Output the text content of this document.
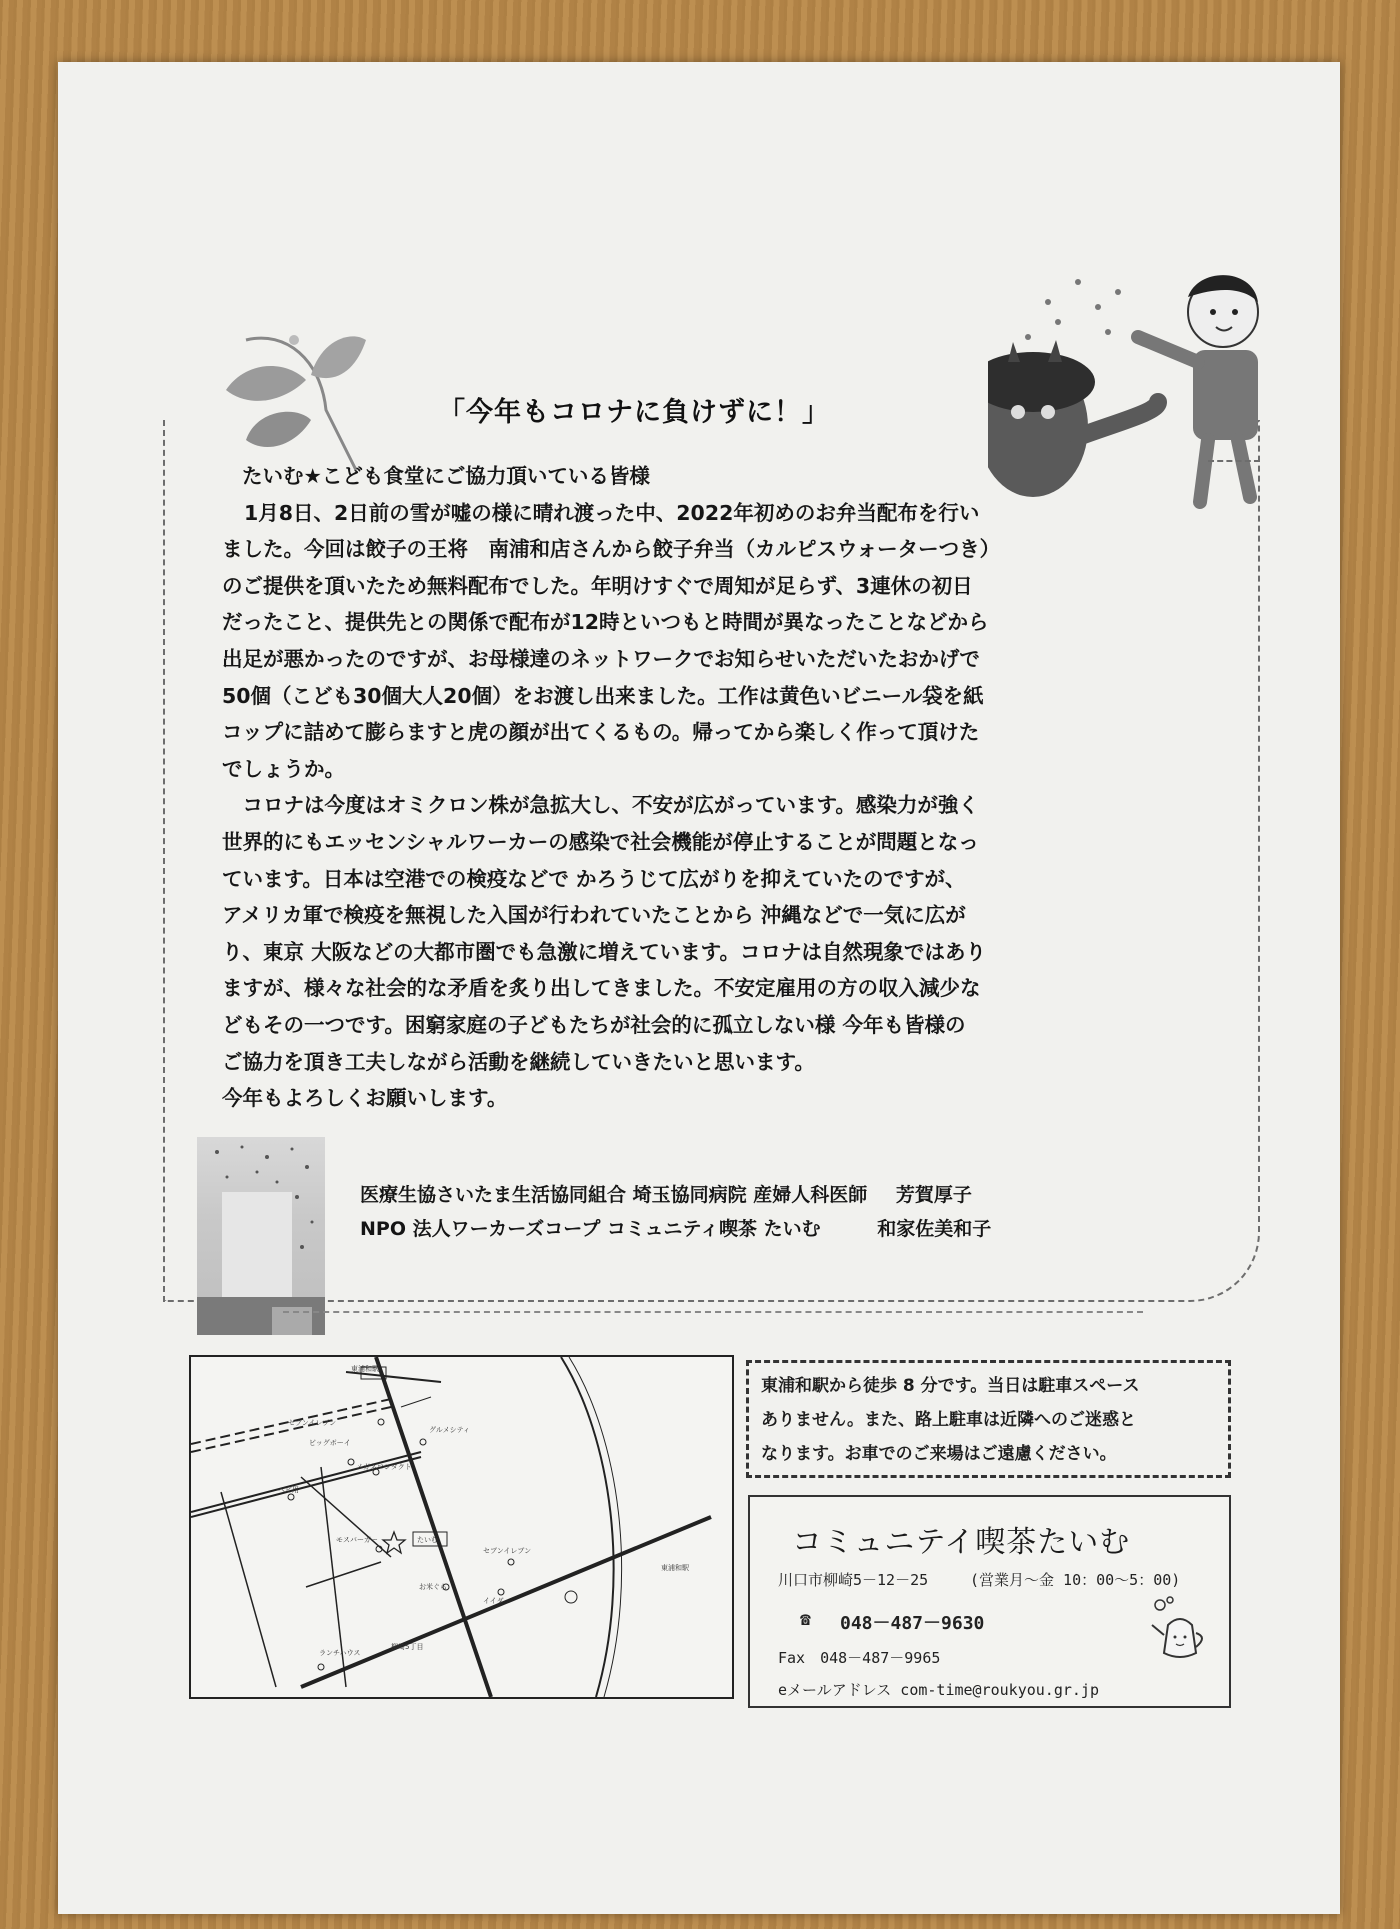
「今年もコロナに負けずに！」

たいむ★こども食堂にご協力頂いている皆様

1月8日、2日前の雪が嘘の様に晴れ渡った中、2022年初めのお弁当配布を行い

ました。今回は餃子の王将　南浦和店さんから餃子弁当（カルピスウォーターつき）

のご提供を頂いたため無料配布でした。年明けすぐで周知が足らず、3連休の初日

だったこと、提供先との関係で配布が12時といつもと時間が異なったことなどから

出足が悪かったのですが、お母様達のネットワークでお知らせいただいたおかげで

50個（こども30個大人20個）をお渡し出来ました。工作は黄色いビニール袋を紙

コップに詰めて膨らますと虎の顔が出てくるもの。帰ってから楽しく作って頂けた

でしょうか。

　コロナは今度はオミクロン株が急拡大し、不安が広がっています。感染力が強く

世界的にもエッセンシャルワーカーの感染で社会機能が停止することが問題となっ

ています。日本は空港での検疫などで かろうじて広がりを抑えていたのですが、

アメリカ軍で検疫を無視した入国が行われていたことから 沖縄などで一気に広が

り、東京 大阪などの大都市圏でも急激に増えています。コロナは自然現象ではあり

ますが、様々な社会的な矛盾を炙り出してきました。不安定雇用の方の収入減少な

どもその一つです。困窮家庭の子どもたちが社会的に孤立しない様 今年も皆様の

ご協力を頂き工夫しながら活動を継続していきたいと思います。

今年もよろしくお願いします。

医療生協さいたま生活協同組合 埼玉協同病院 産婦人科医師 芳賀厚子
NPO 法人ワーカーズコープ コミュニティ喫茶 たいむ	和家佐美和子
たいむ
セブンイレブン
グルメシティ
ビッグボーイ
メガネロンタクト
ベビ用
モスバーガー
セブンイレブン
お米ぐら
イイダ
ランチハウス
柳崎5丁目
東浦和駅
東浦和駅

東浦和駅から徒歩 8 分です。当日は駐車スペース

ありません。また、路上駐車は近隣へのご迷惑と

なります。お車でのご来場はご遠慮ください。

コミュニテイ喫茶たいむ
川口市柳崎5－12－25	(営業月～金 10：00～5：00)
☎ 048－487－9630
Fax　048－487－9965
eメールアドレス com-time@roukyou.gr.jp
